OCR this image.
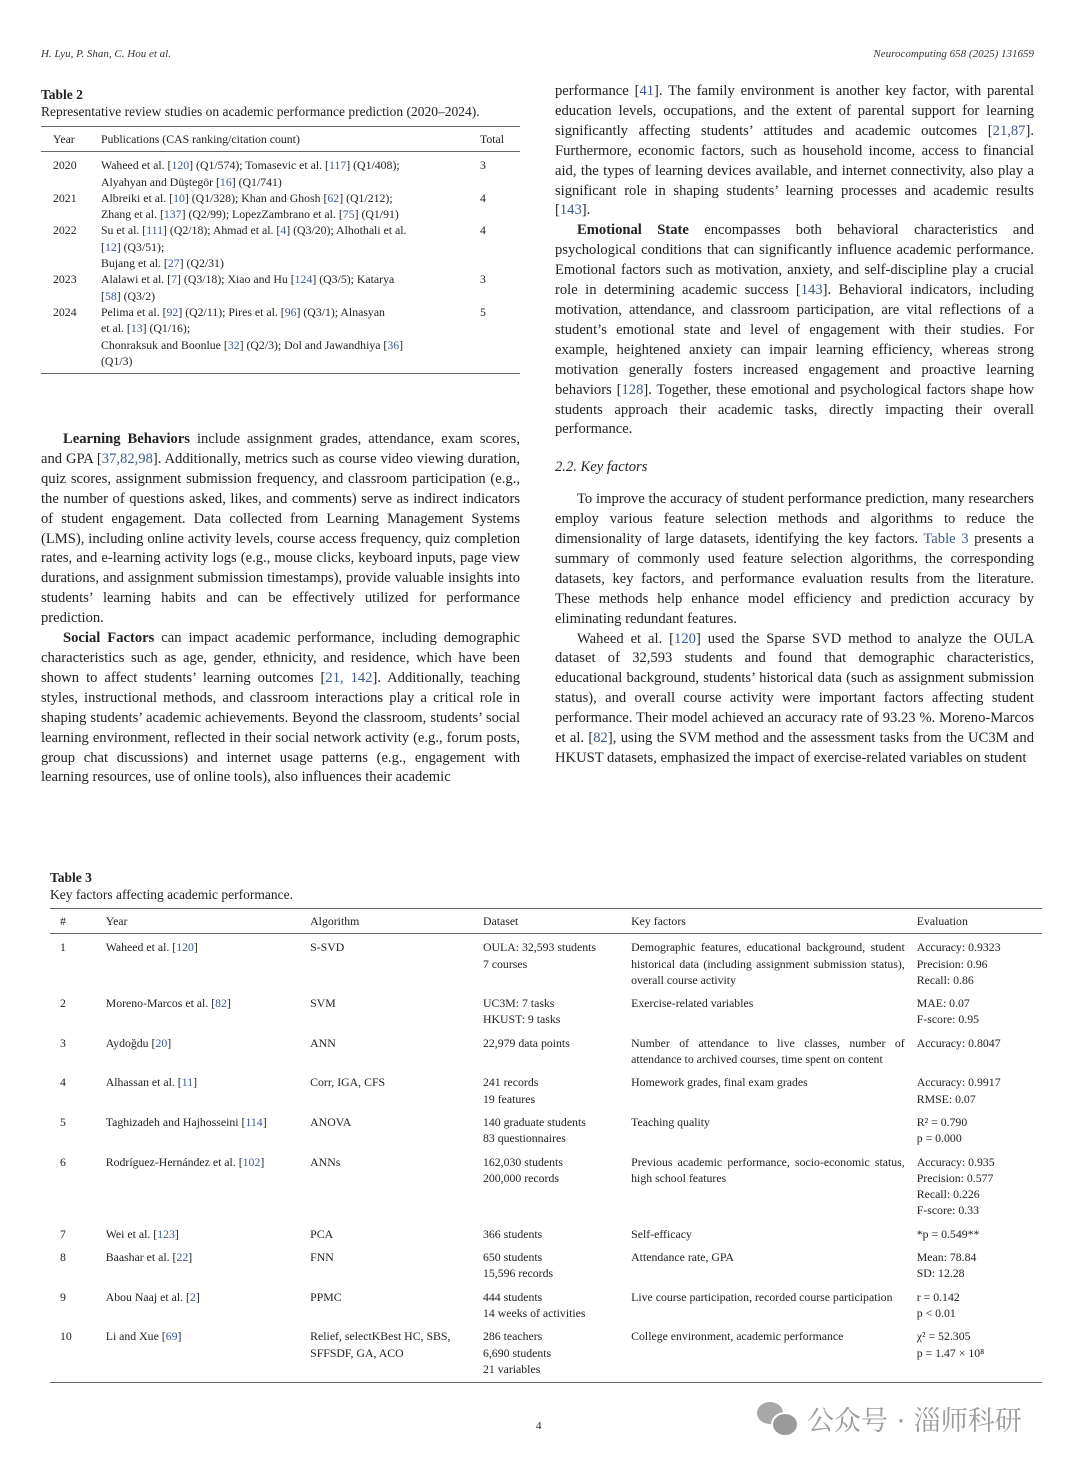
H. Lyu, P. Shan, C. Hou et al.	Neurocomputing 658 (2025) 131659
Table 2
Representative review studies on academic performance prediction (2020–2024).
Year	Publications (CAS ranking/citation count)	Total
2020	Waheed et al. [120] (Q1/574); Tomasevic et al. [117] (Q1/408);
Alyahyan and Düştegör [16] (Q1/741)	3
2021	Albreiki et al. [10] (Q1/328); Khan and Ghosh [62] (Q1/212);
Zhang et al. [137] (Q2/99); LopezZambrano et al. [75] (Q1/91)	4
2022	Su et al. [111] (Q2/18); Ahmad et al. [4] (Q3/20); Alhothali et al.
[12] (Q3/51);
Bujang et al. [27] (Q2/31)	4
2023	Alalawi et al. [7] (Q3/18); Xiao and Hu [124] (Q3/5); Katarya
[58] (Q3/2)	3
2024	Pelima et al. [92] (Q2/11); Pires et al. [96] (Q3/1); Alnasyan
et al. [13] (Q1/16);
Chonraksuk and Boonlue [32] (Q2/3); Dol and Jawandhiya [36]
(Q1/3)	5

Learning Behaviors include assignment grades, attendance, exam scores, and GPA [37,82,98]. Additionally, metrics such as course video viewing duration, quiz scores, assignment submission frequency, and classroom participation (e.g., the number of questions asked, likes, and comments) serve as indirect indicators of student engagement. Data collected from Learning Management Systems (LMS), including online activity levels, course access frequency, quiz completion rates, and e-learning activity logs (e.g., mouse clicks, keyboard inputs, page view durations, and assignment submission timestamps), provide valuable insights into students’ learning habits and can be effectively utilized for performance prediction.

Social Factors can impact academic performance, including demographic characteristics such as age, gender, ethnicity, and residence, which have been shown to affect students’ learning outcomes [21, 142]. Additionally, teaching styles, instructional methods, and classroom interactions play a critical role in shaping students’ academic achievements. Beyond the classroom, students’ social learning environment, reflected in their social network activity (e.g., forum posts, group chat discussions) and internet usage patterns (e.g., engagement with learning resources, use of online tools), also influences their academic

performance [41]. The family environment is another key factor, with parental education levels, occupations, and the extent of parental support for learning significantly affecting students’ attitudes and academic outcomes [21,87]. Furthermore, economic factors, such as household income, access to financial aid, the types of learning devices available, and internet connectivity, also play a significant role in shaping students’ learning processes and academic results [143].

Emotional State encompasses both behavioral characteristics and psychological conditions that can significantly influence academic performance. Emotional factors such as motivation, anxiety, and self-discipline play a crucial role in determining academic success [143]. Behavioral indicators, including motivation, attendance, and classroom participation, are vital reflections of a student’s emotional state and level of engagement with their studies. For example, heightened anxiety can impair learning efficiency, whereas strong motivation generally fosters increased engagement and proactive learning behaviors [128]. Together, these emotional and psychological factors shape how students approach their academic tasks, directly impacting their overall performance.

2.2. Key factors

To improve the accuracy of student performance prediction, many researchers employ various feature selection methods and algorithms to reduce the dimensionality of large datasets, identifying the key factors. Table 3 presents a summary of commonly used feature selection algorithms, the corresponding datasets, key factors, and performance evaluation results from the literature. These methods help enhance model efficiency and prediction accuracy by eliminating redundant features.

Waheed et al. [120] used the Sparse SVD method to analyze the OULA dataset of 32,593 students and found that demographic characteristics, educational background, students’ historical data (such as assignment submission status), and overall course activity were important factors affecting student performance. Their model achieved an accuracy rate of 93.23 %. Moreno-Marcos et al. [82], using the SVM method and the assessment tasks from the UC3M and HKUST datasets, emphasized the impact of exercise-related variables on student

Table 3
Key factors affecting academic performance.
#	Year	Algorithm	Dataset	Key factors	Evaluation
1	Waheed et al. [120]	S-SVD	OULA: 32,593 students
7 courses	Demographic features, educational background, student historical data (including assignment submission status), overall course activity	Accuracy: 0.9323
Precision: 0.96
Recall: 0.86

2	Moreno-Marcos et al. [82]	SVM	UC3M: 7 tasks
HKUST: 9 tasks	Exercise-related variables	MAE: 0.07
F-score: 0.95

3	Aydoğdu [20]	ANN	22,979 data points	Number of attendance to live classes, number of attendance to archived courses, time spent on content	Accuracy: 0.8047

4	Alhassan et al. [11]	Corr, IGA, CFS	241 records
19 features	Homework grades, final exam grades	Accuracy: 0.9917
RMSE: 0.07

5	Taghizadeh and Hajhosseini [114]	ANOVA	140 graduate students
83 questionnaires	Teaching quality	R² = 0.790
p = 0.000

6	Rodríguez-Hernández et al. [102]	ANNs	162,030 students
200,000 records	Previous academic performance, socio-economic status, high school features	Accuracy: 0.935
Precision: 0.577
Recall: 0.226
F-score: 0.33

7	Wei et al. [123]	PCA	366 students	Self-efficacy	*p = 0.549**

8	Baashar et al. [22]	FNN	650 students
15,596 records	Attendance rate, GPA	Mean: 78.84
SD: 12.28

9	Abou Naaj et al. [2]	PPMC	444 students
14 weeks of activities	Live course participation, recorded course participation	r = 0.142
p < 0.01

10	Li and Xue [69]	Relief, selectKBest HC, SBS, SFFSDF, GA, ACO	286 teachers
6,690 students
21 variables	College environment, academic performance	χ² = 52.305
p = 1.47 × 10⁸
4	公众号 · 淄师科研
